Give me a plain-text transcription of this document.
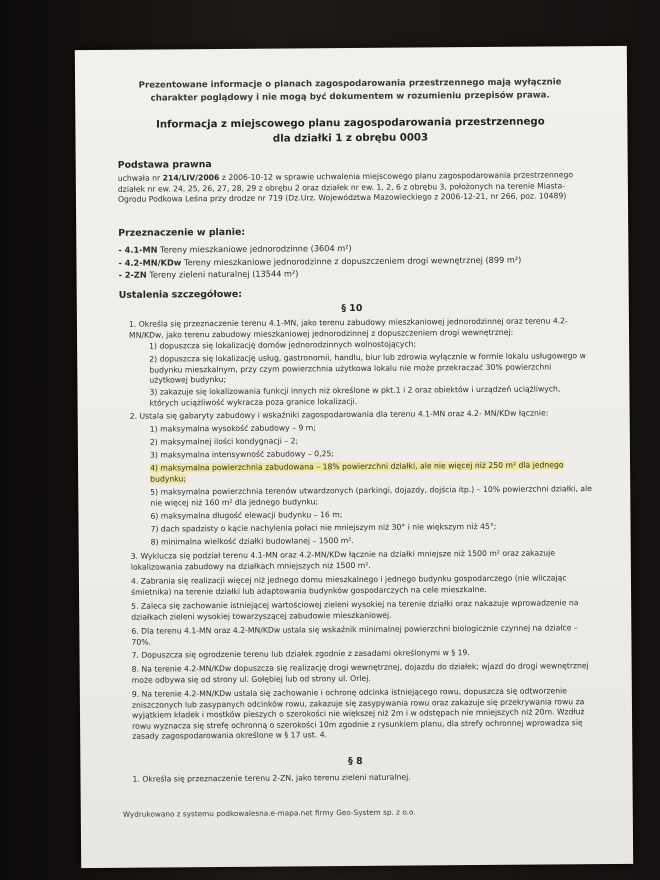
Prezentowane informacje o planach zagospodarowania przestrzennego mają wyłącznie charakter poglądowy i nie mogą być dokumentem w rozumieniu przepisów prawa.
Informacja z miejscowego planu zagospodarowania przestrzennego
dla działki 1 z obrębu 0003
Podstawa prawna
uchwała nr 214/LIV/2006 z 2006-10-12 w sprawie uchwalenia miejscowego planu zagospodarowania przestrzennego działek nr ew. 24, 25, 26, 27, 28, 29 z obrębu 2 oraz działek nr ew. 1, 2, 6 z obrębu 3, położonych na terenie Miasta-Ogrodu Podkowa Leśna przy drodze nr 719 (Dz.Urz. Województwa Mazowieckiego z 2006-12-21, nr 266, poz. 10489)
Przeznaczenie w planie:
- 4.1-MN Tereny mieszkaniowe jednorodzinne (3604 m²)
- 4.2-MN/KDw Tereny mieszkaniowe jednorodzinne z dopuszczeniem drogi wewnętrznej (899 m²)
- 2-ZN Tereny zieleni naturalnej (13544 m²)
Ustalenia szczegółowe:
§ 10
1. Określa się przeznaczenie terenu 4.1-MN, jako terenu zabudowy mieszkaniowej jednorodzinnej oraz terenu 4.2-MN/KDw, jako terenu zabudowy mieszkaniowej jednorodzinnej z dopuszczeniem drogi wewnętrznej:
1) dopuszcza się lokalizację domów jednorodzinnych wolnostojących;
2) dopuszcza się lokalizację usług, gastronomii, handlu, biur lub zdrowia wyłącznie w formie lokalu usługowego w budynku mieszkalnym, przy czym powierzchnia użytkowa lokalu nie może przekraczać 30% powierzchni użytkowej budynku;
3) zakazuje się lokalizowania funkcji innych niż określone w pkt.1 i 2 oraz obiektów i urządzeń uciążliwych, których uciążliwość wykracza poza granice lokalizacji.
2. Ustala się gabaryty zabudowy i wskaźniki zagospodarowania dla terenu 4.1-MN oraz 4.2- MN/KDw łącznie:
1) maksymalna wysokość zabudowy – 9 m;
2) maksymalnej ilości kondygnacji – 2;
3) maksymalna intensywność zabudowy – 0,25;
4) maksymalna powierzchnia zabudowana – 18% powierzchni działki, ale nie więcej niż 250 m² dla jednego budynku;
5) maksymalna powierzchnia terenów utwardzonych (parkingi, dojazdy, dojścia itp.) – 10% powierzchni działki, ale nie więcej niż 160 m² dla jednego budynku;
6) maksymalna długość elewacji budynku – 16 m;
7) dach spadzisty o kącie nachylenia połaci nie mniejszym niż 30° i nie większym niż 45°;
8) minimalna wielkość działki budowlanej – 1500 m².
3. Wyklucza się podział terenu 4.1-MN oraz 4.2-MN/KDw łącznie na działki mniejsze niż 1500 m² oraz zakazuje lokalizowania zabudowy na działkach mniejszych niż 1500 m².
4. Zabrania się realizacji więcej niż jednego domu mieszkalnego i jednego budynku gospodarczego (nie wliczając śmietnika) na terenie działki lub adaptowania budynków gospodarczych na cele mieszkalne.
5. Zaleca się zachowanie istniejącej wartościowej zieleni wysokiej na terenie działki oraz nakazuje wprowadzenie na działkach zieleni wysokiej towarzyszącej zabudowie mieszkaniowej.
6. Dla terenu 4.1-MN oraz 4.2-MN/KDw ustala się wskaźnik minimalnej powierzchni biologicznie czynnej na działce – 70%.
7. Dopuszcza się ogrodzenie terenu lub działek zgodnie z zasadami określonymi w § 19.
8. Na terenie 4.2-MN/KDw dopuszcza się realizację drogi wewnętrznej, dojazdu do działek; wjazd do drogi wewnętrznej może odbywa się od strony ul. Gołębiej lub od strony ul. Orlej.
9. Na terenie 4.2-MN/KDw ustala się zachowanie i ochronę odcinka istniejącego rowu, dopuszcza się odtworzenie zniszczonych lub zasypanych odcinków rowu, zakazuje się zasypywania rowu oraz zakazuje się przekrywania rowu za wyjątkiem kładek i mostków pieszych o szerokości nie większej niż 2m i w odstępach nie mniejszych niż 20m. Wzdłuż rowu wyznacza się strefę ochronną o szerokości 10m zgodnie z rysunkiem planu, dla strefy ochronnej wprowadza się zasady zagospodarowania określone w § 17 ust. 4.
§ 8
1. Określa się przeznaczenie terenu 2-ZN, jako terenu zieleni naturalnej.
Wydrukowano z systemu podkowalesna.e-mapa.net firmy Geo-System sp. z o.o.
